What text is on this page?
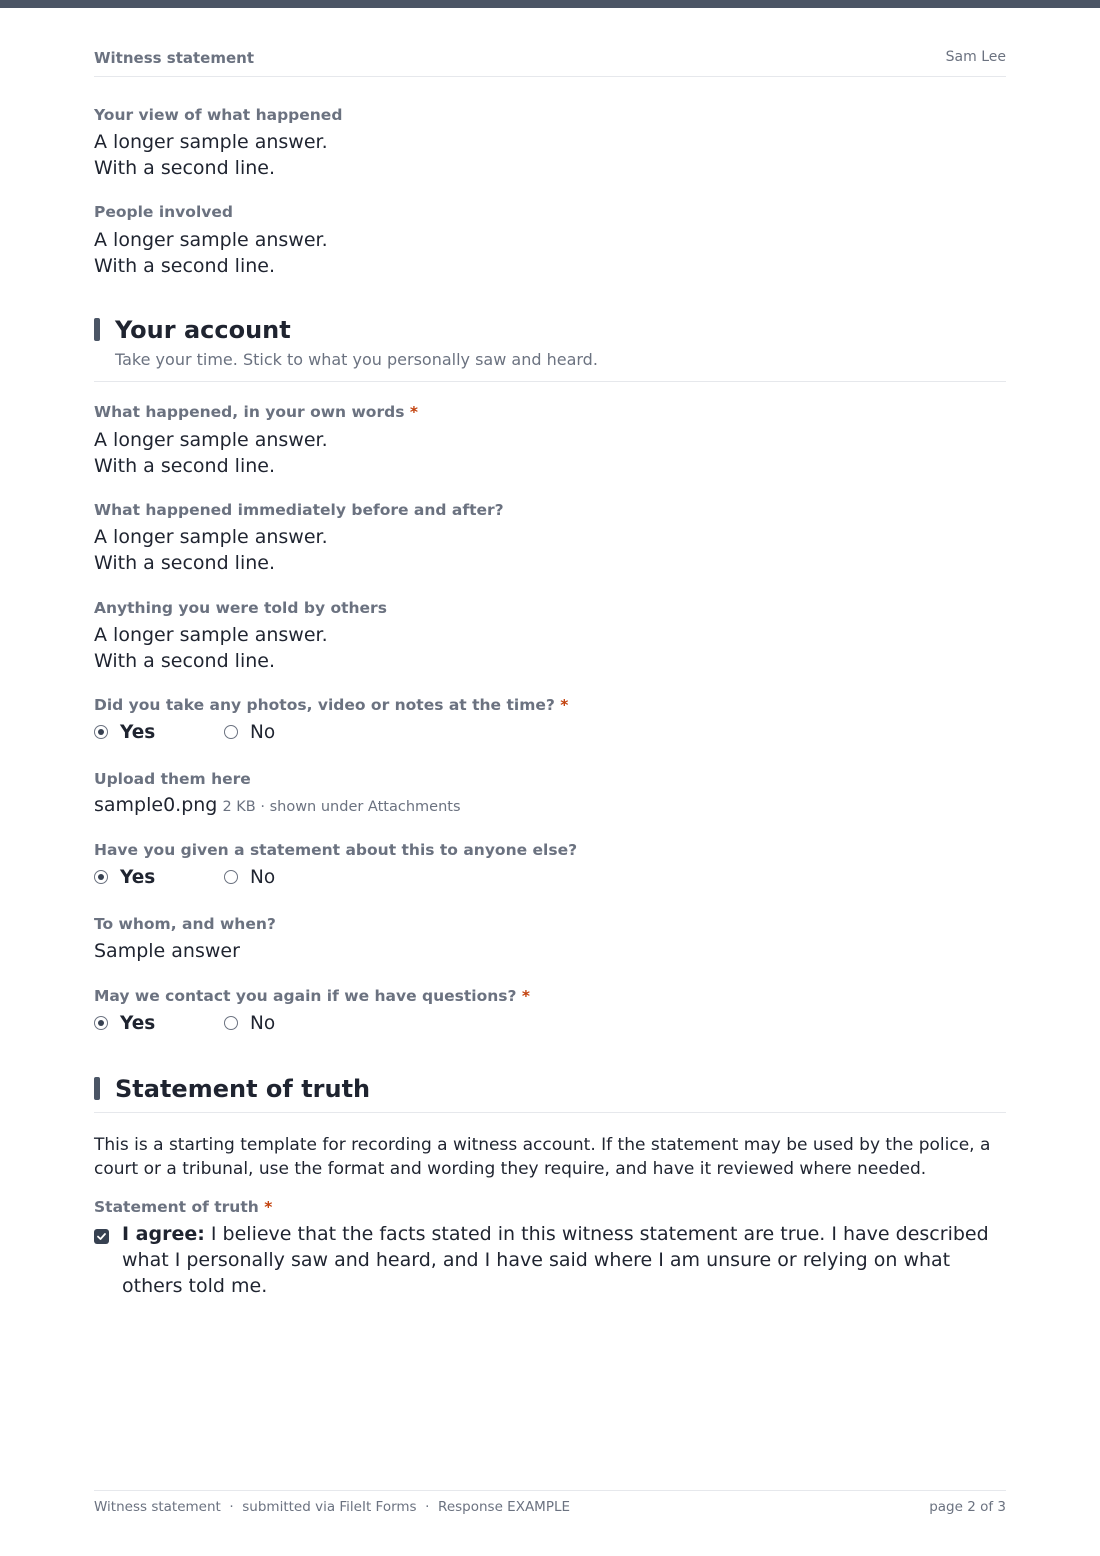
Witness statement	Sam Lee
Your view of what happened
A longer sample answer.
With a second line.
People involved
A longer sample answer.
With a second line.
Your account
Take your time. Stick to what you personally saw and heard.
What happened, in your own words *
A longer sample answer.
With a second line.
What happened immediately before and after?
A longer sample answer.
With a second line.
Anything you were told by others
A longer sample answer.
With a second line.
Did you take any photos, video or notes at the time? *
Yes	No
Upload them here
sample0.png 2 KB · shown under Attachments
Have you given a statement about this to anyone else?
Yes	No
To whom, and when?
Sample answer
May we contact you again if we have questions? *
Yes	No
Statement of truth
This is a starting template for recording a witness account. If the statement may be used by the police, a court or a tribunal, use the format and wording they require, and have it reviewed where needed.
Statement of truth *
I agree: I believe that the facts stated in this witness statement are true. I have described what I personally saw and heard, and I have said where I am unsure or relying on what others told me.
Witness statement  ·  submitted via FileIt Forms  ·  Response EXAMPLE	page 2 of 3
